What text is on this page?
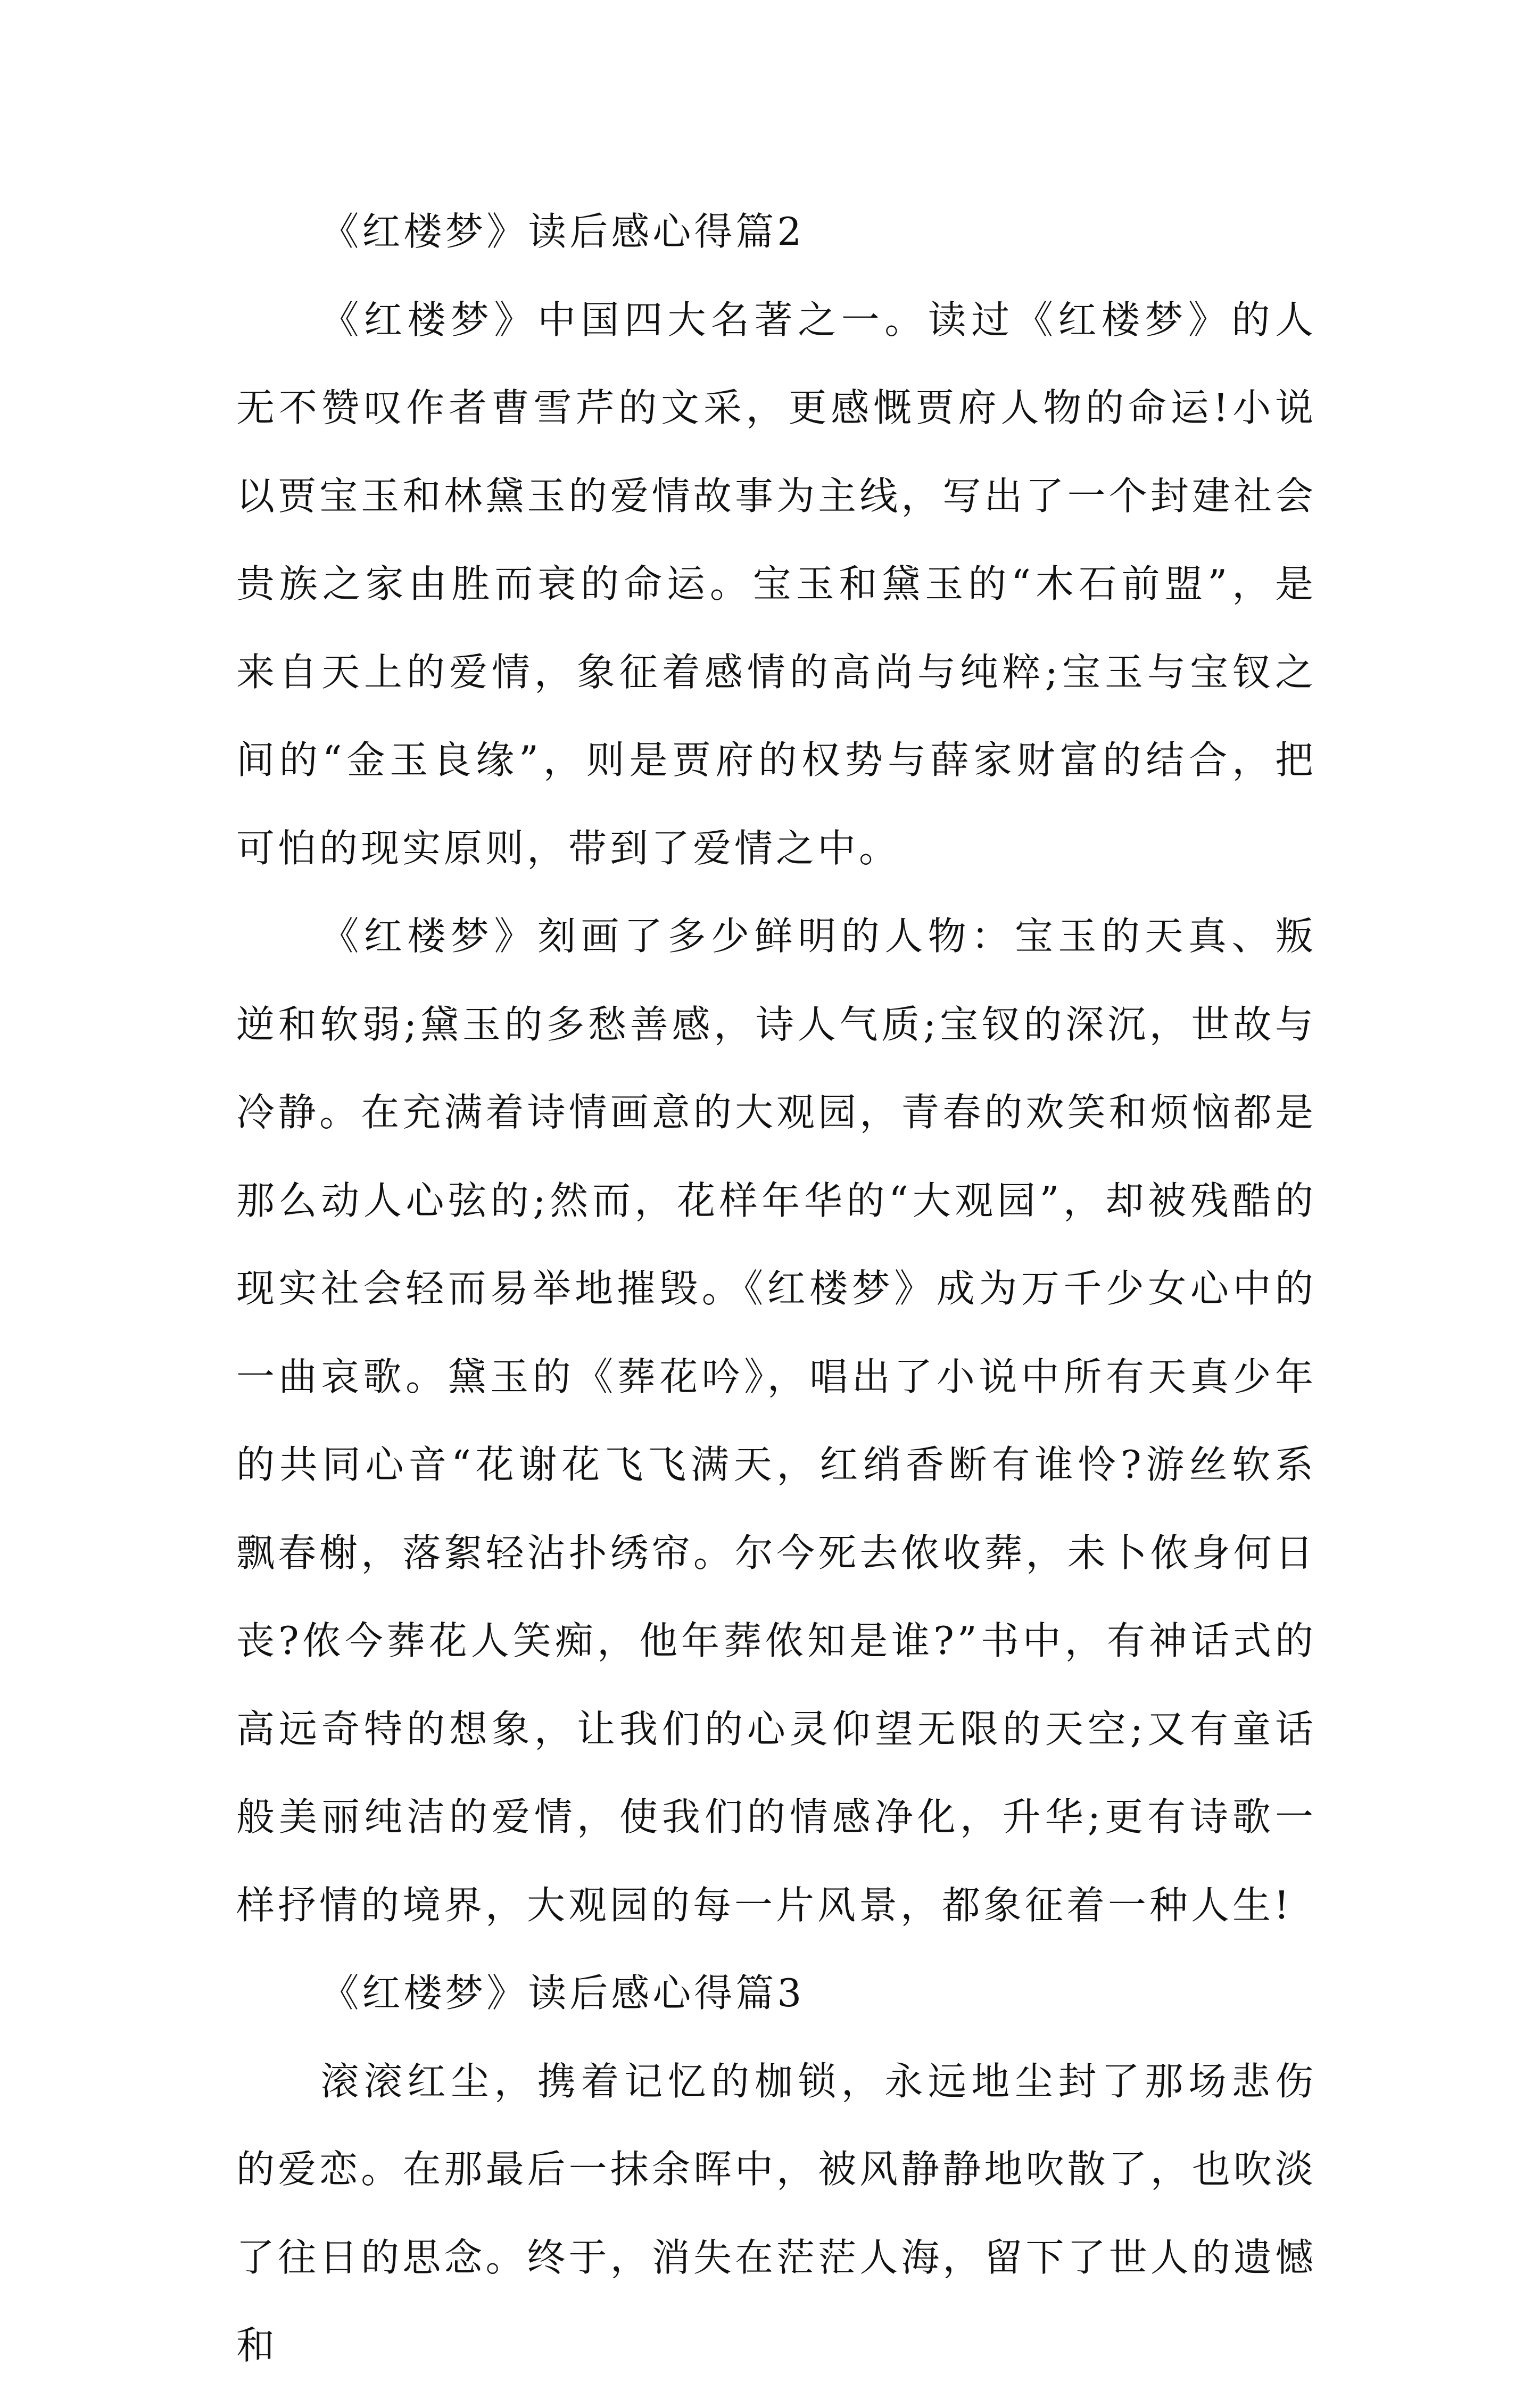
《红楼梦》读后感心得篇2

《红楼梦》中国四大名著之一。读过《红楼梦》的人无不赞叹作者曹雪芹的文采，更感慨贾府人物的命运!小说以贾宝玉和林黛玉的爱情故事为主线，写出了一个封建社会贵族之家由胜而衰的命运。宝玉和黛玉的“木石前盟”，是来自天上的爱情，象征着感情的高尚与纯粹;宝玉与宝钗之间的“金玉良缘”，则是贾府的权势与薛家财富的结合，把可怕的现实原则，带到了爱情之中。

《红楼梦》刻画了多少鲜明的人物：宝玉的天真、叛逆和软弱;黛玉的多愁善感，诗人气质;宝钗的深沉，世故与冷静。在充满着诗情画意的大观园，青春的欢笑和烦恼都是那么动人心弦的;然而，花样年华的“大观园”，却被残酷的现实社会轻而易举地摧毁。《红楼梦》成为万千少女心中的一曲哀歌。黛玉的《葬花吟》，唱出了小说中所有天真少年的共同心音“花谢花飞飞满天，红绡香断有谁怜?游丝软系飘春榭，落絮轻沾扑绣帘。尔今死去侬收葬，未卜侬身何日丧?侬今葬花人笑痴，他年葬侬知是谁?”书中，有神话式的高远奇特的想象，让我们的心灵仰望无限的天空;又有童话般美丽纯洁的爱情，使我们的情感净化，升华;更有诗歌一样抒情的境界，大观园的每一片风景，都象征着一种人生!

《红楼梦》读后感心得篇3

滚滚红尘，携着记忆的枷锁，永远地尘封了那场悲伤的爱恋。在那最后一抹余晖中，被风静静地吹散了，也吹淡了往日的思念。终于，消失在茫茫人海，留下了世人的遗憾和
